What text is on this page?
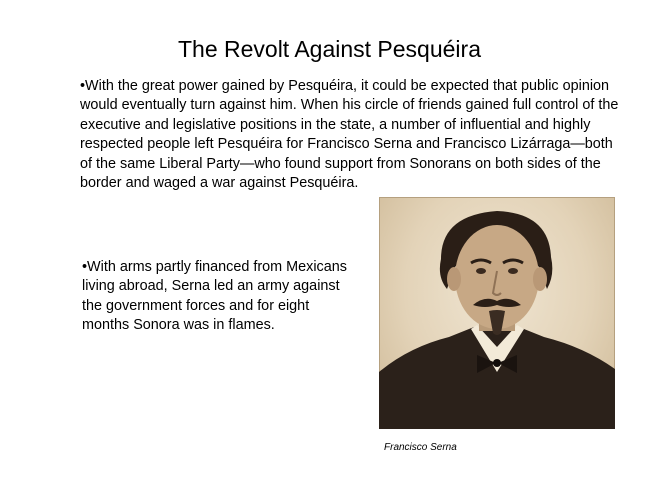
The Revolt Against Pesquéira
•With the great power gained by Pesquéira, it could be expected that public opinion would eventually turn against him. When his circle of friends gained full control of the executive and legislative positions in the state, a number of influential and highly respected people left Pesquéira for Francisco Serna and Francisco Lizárraga—both of the same Liberal Party—who found support from Sonorans on both sides of the border and waged a war against Pesquéira.
•With arms partly financed from Mexicans living abroad, Serna led an army against the government forces and for eight months Sonora was in flames.
Francisco Serna
